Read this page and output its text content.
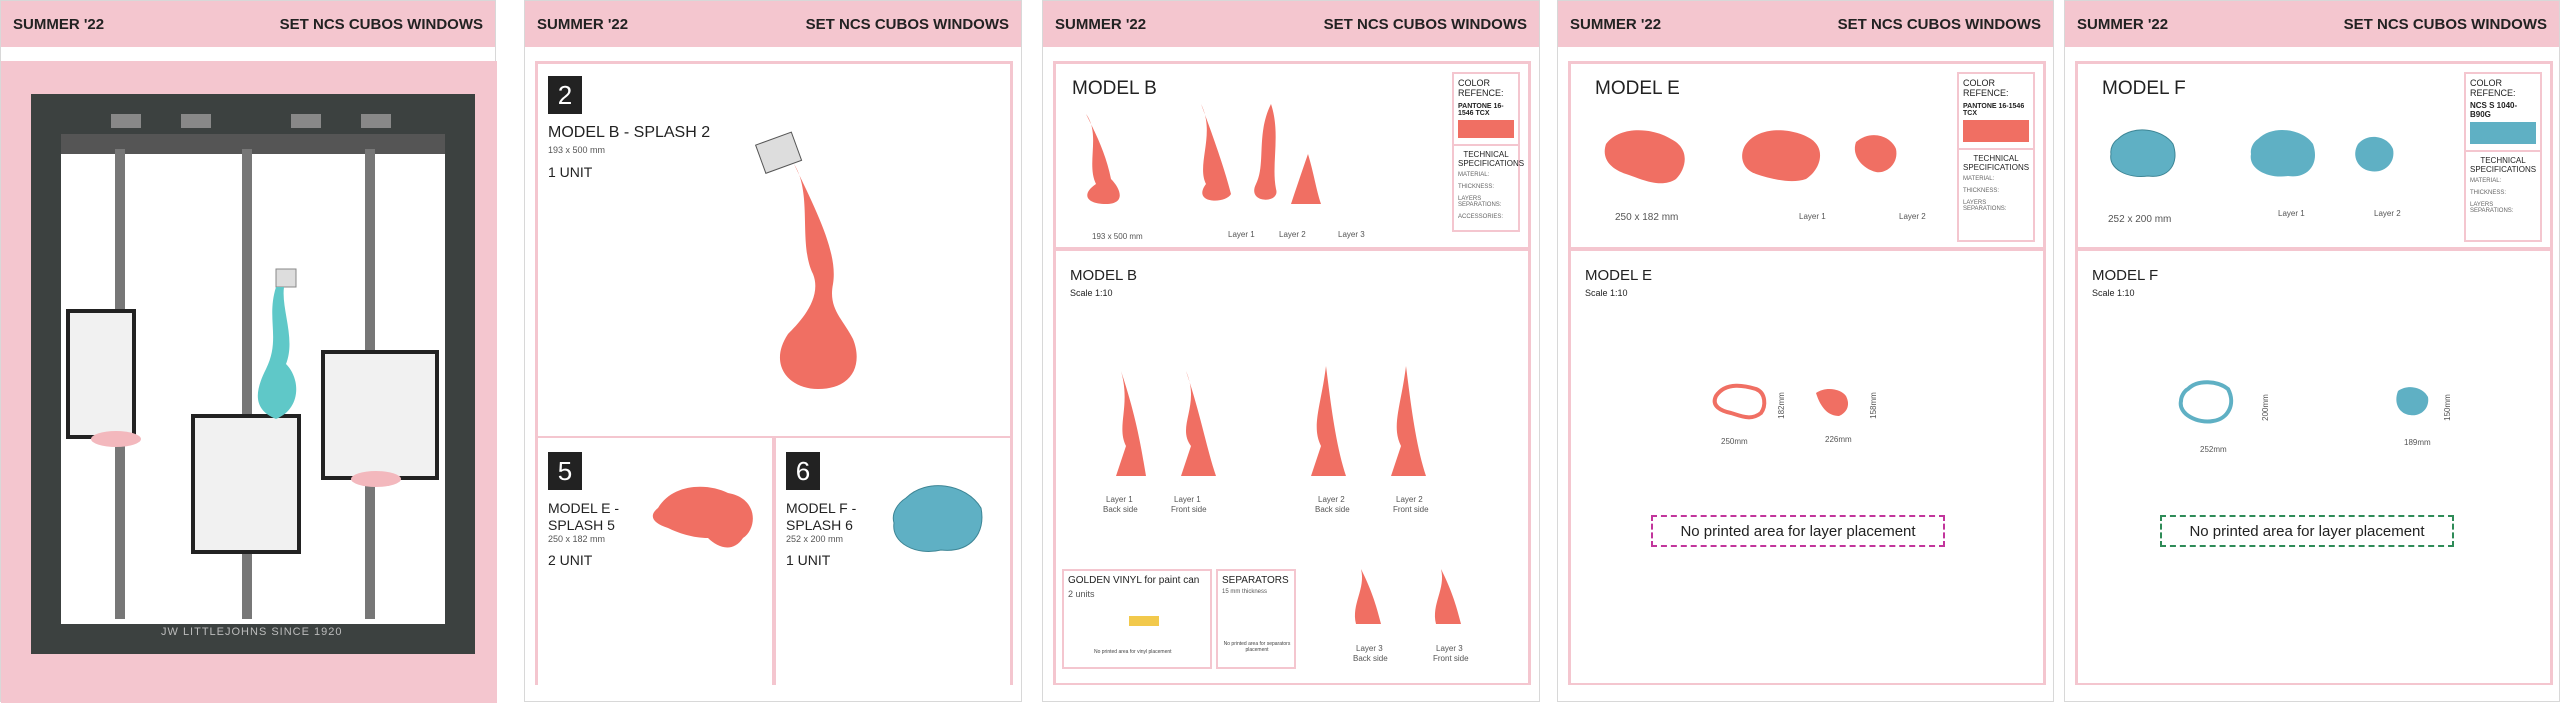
SUMMER '22	SET NCS CUBOS WINDOWS
JW LITTLEJOHNS SINCE 1920
SUMMER '22	SET NCS CUBOS WINDOWS
2
MODEL B - SPLASH 2
193 x 500 mm
1 UNIT
5
MODEL E -
SPLASH 5
250 x 182 mm
2 UNIT
6
MODEL F -
SPLASH 6
252 x 200 mm
1 UNIT
SUMMER '22	SET NCS CUBOS WINDOWS
MODEL B
193 x 500 mm	Layer 1	Layer 2	Layer 3
COLOR REFENCE:
PANTONE 16-1546 TCX
TECHNICAL SPECIFICATIONS
MATERIAL:
THICKNESS:
LAYERS SEPARATIONS:
ACCESSORIES:
MODEL B
Scale 1:10
Layer 1
Back side
Layer 1
Front side
Layer 2
Back side
Layer 2
Front side
GOLDEN VINYL for paint can
2 units
No printed area for vinyl placement
SEPARATORS
15 mm thickness
No printed area for separators placement	Layer 3
Back side
Layer 3
Front side
SUMMER '22	SET NCS CUBOS WINDOWS
MODEL E
250 x 182 mm	Layer 1	Layer 2
COLOR REFENCE:
PANTONE 16-1546 TCX
TECHNICAL SPECIFICATIONS
MATERIAL:
THICKNESS:
LAYERS SEPARATIONS:
MODEL E
Scale 1:10
250mm	226mm
182mm	158mm
No printed area for layer placement
SUMMER '22	SET NCS CUBOS WINDOWS
MODEL F
252 x 200 mm
Layer 1	Layer 2
COLOR REFENCE:
NCS S 1040-B90G
TECHNICAL SPECIFICATIONS
MATERIAL:
THICKNESS:
LAYERS SEPARATIONS:
MODEL F
Scale 1:10
252mm
189mm
200mm	150mm
No printed area for layer placement
